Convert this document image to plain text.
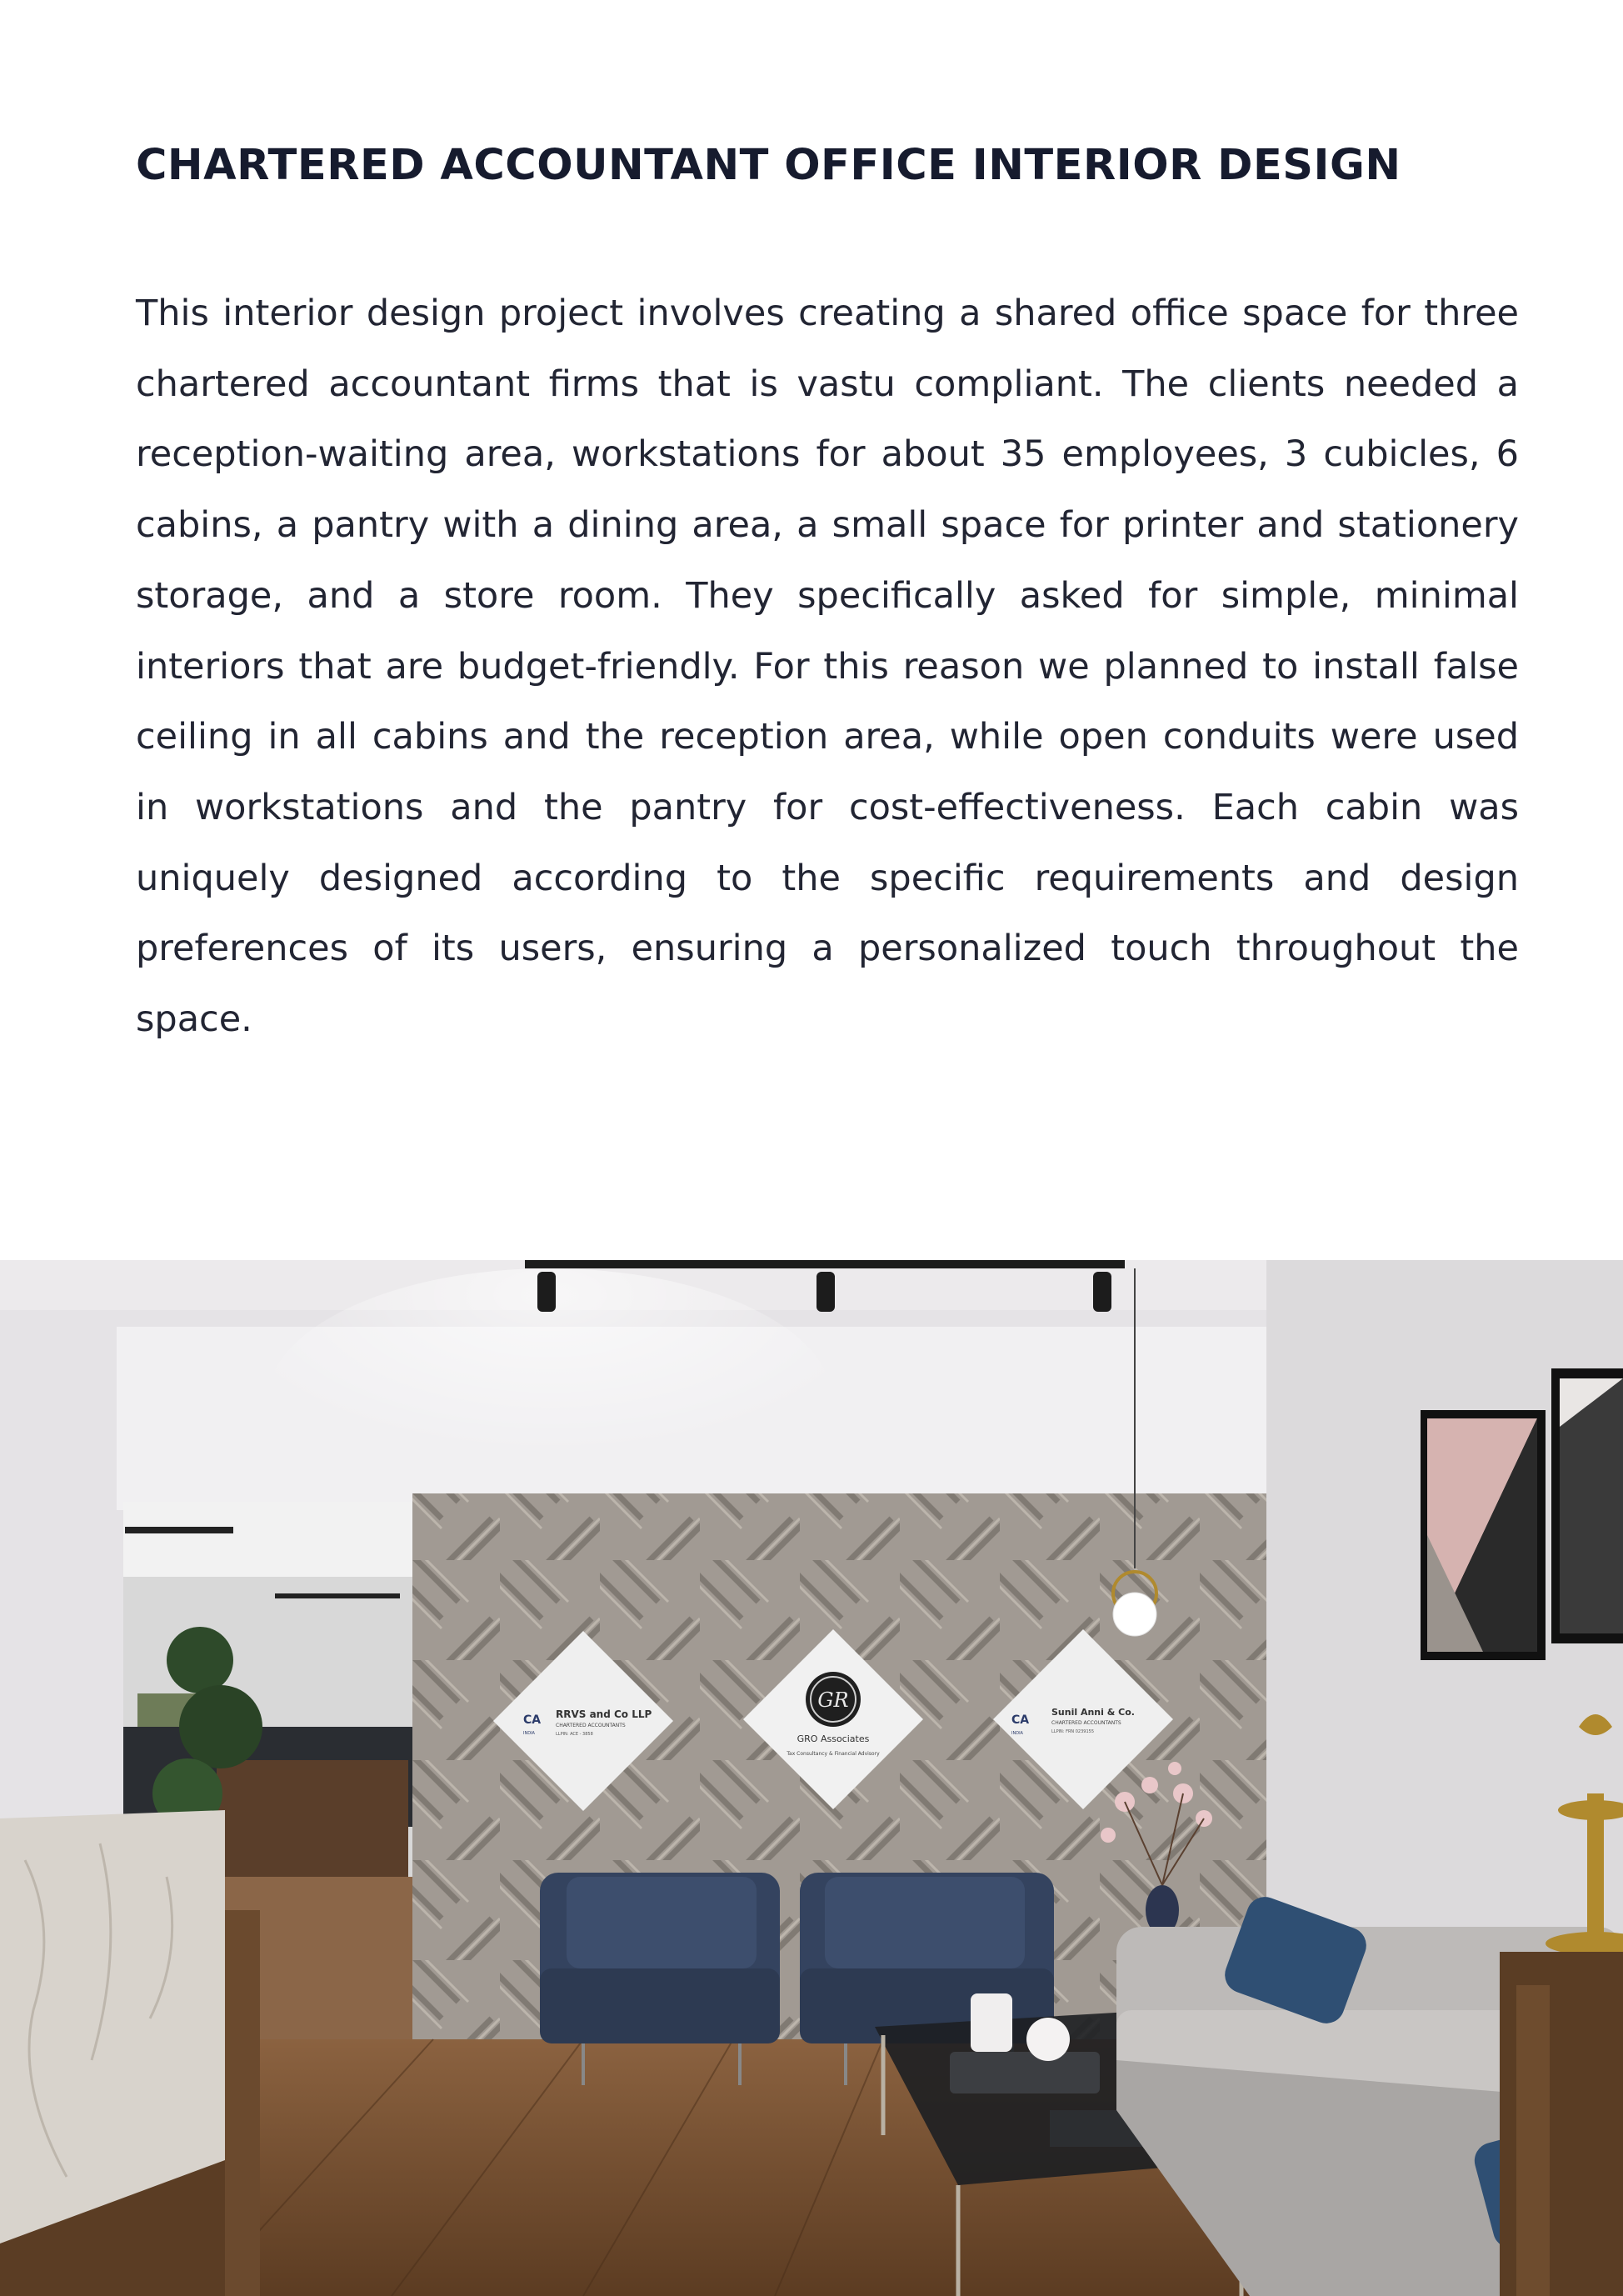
CHARTERED ACCOUNTANT OFFICE INTERIOR DESIGN

This interior design project involves creating a shared office space for three chartered accountant firms that is vastu compliant. The clients needed a reception-waiting area, workstations for about 35 employees, 3 cubicles, 6 cabins, a pantry with a dining area, a small space for printer and stationery storage, and a store room. They specifically asked for simple, minimal interiors that are budget-friendly. For this reason we planned to install false ceiling in all cabins and the reception area, while open conduits were used in workstations and the pantry for cost-effectiveness. Each cabin was uniquely designed according to the specific requirements and design preferences of its users, ensuring a personalized touch throughout the space.

CA
INDIA
RRVS and Co LLP
CHARTERED ACCOUNTANTS
LLPIN: ACE - 3858
GR
GRO Associates
Tax Consultancy & Financial Advisory
CA
INDIA
Sunil Anni & Co.
CHARTERED ACCOUNTANTS
LLPIN: FRN 0239155
